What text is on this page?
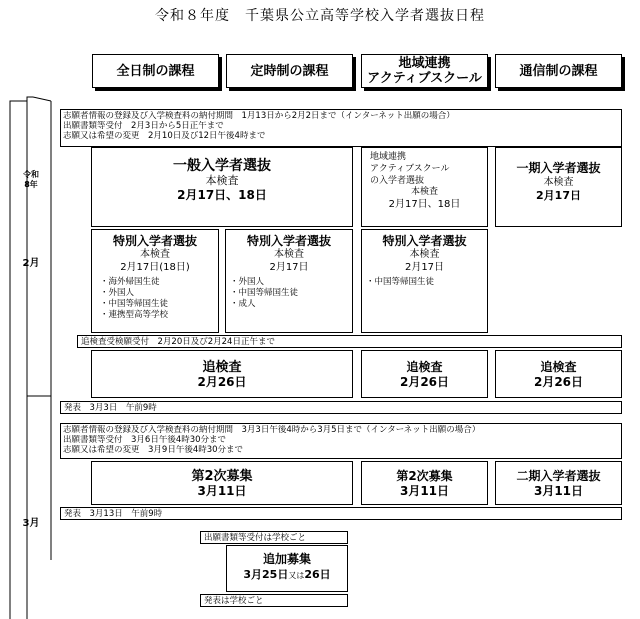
令和８年度　千葉県公立高等学校入学者選抜日程
全日制の課程	定時制の課程	地域連携
アクティブスクール	通信制の課程
令和
8年
2月
3月
志願者情報の登録及び入学検査料の納付期間　1月13日から2月2日まで（インターネット出願の場合）
出願書類等受付　2月3日から5日正午まで
志願又は希望の変更　2月10日及び12日午後4時まで
一般入学者選抜
本検査
2月17日、18日
地域連携
アクティブスクール
の入学者選抜
本検査
2月17日、18日
一期入学者選抜
本検査
2月17日
特別入学者選抜
本検査
2月17日(18日)
・海外帰国生徒
・外国人
・中国等帰国生徒
・連携型高等学校
特別入学者選抜
本検査
2月17日
・外国人
・中国等帰国生徒
・成人
特別入学者選抜
本検査
2月17日
・中国等帰国生徒
追検査受検願受付　2月20日及び2月24日正午まで
追検査
2月26日
追検査
2月26日
追検査
2月26日
発表　3月3日　午前9時
志願者情報の登録及び入学検査料の納付期間　3月3日午後4時から3月5日まで（インターネット出願の場合）
出願書類等受付　3月6日午後4時30分まで
志願又は希望の変更　3月9日午後4時30分まで
第2次募集
3月11日
第2次募集
3月11日
二期入学者選抜
3月11日
発表　3月13日　午前9時
出願書類等受付は学校ごと
追加募集
3月25日又は26日
発表は学校ごと
